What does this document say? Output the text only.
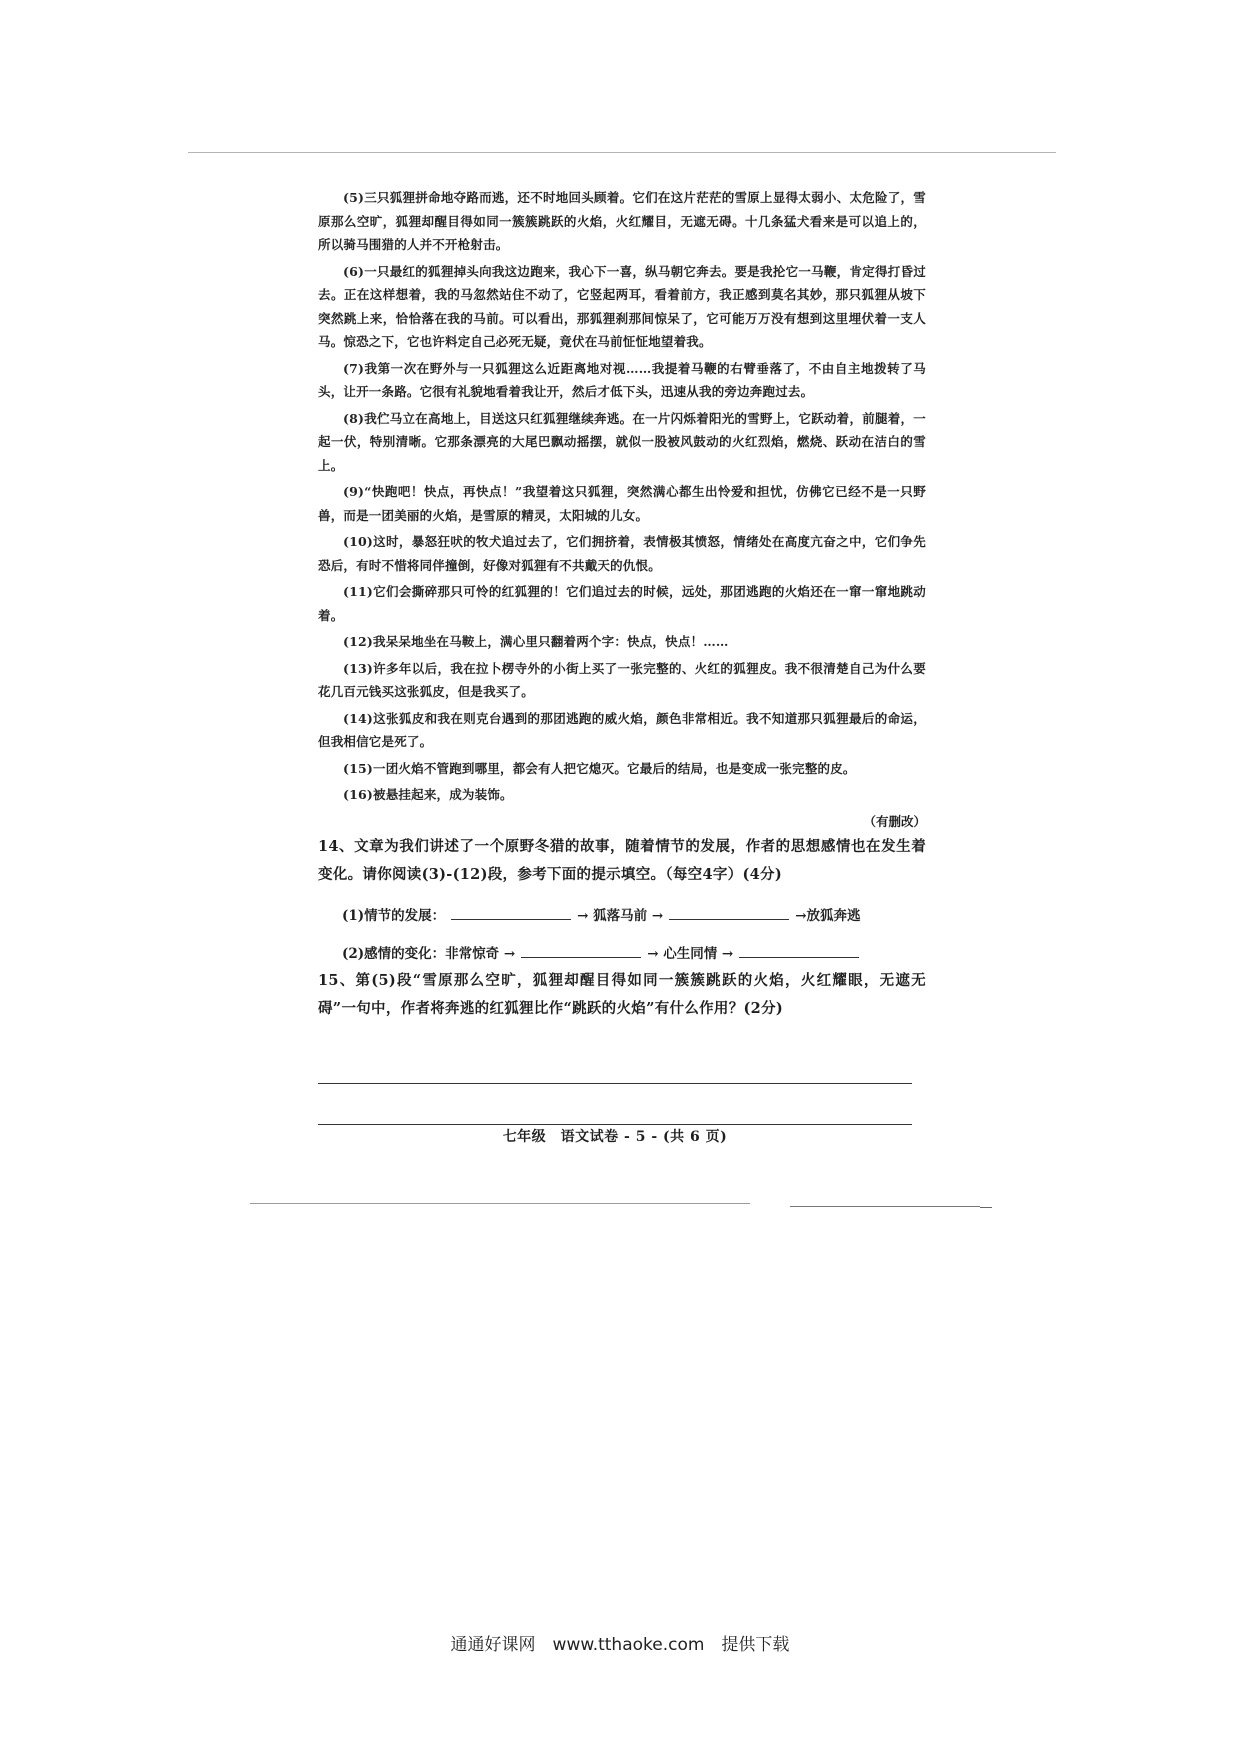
(5)三只狐狸拼命地夺路而逃，还不时地回头顾着。它们在这片茫茫的雪原上显得太弱小、太危险了，雪原那么空旷，狐狸却醒目得如同一簇簇跳跃的火焰，火红耀目，无遮无碍。十几条猛犬看来是可以追上的，所以骑马围猎的人并不开枪射击。

(6)一只最红的狐狸掉头向我这边跑来，我心下一喜，纵马朝它奔去。要是我抡它一马鞭，肯定得打昏过去。正在这样想着，我的马忽然站住不动了，它竖起两耳，看着前方，我正感到莫名其妙，那只狐狸从坡下突然跳上来，恰恰落在我的马前。可以看出，那狐狸刹那间惊呆了，它可能万万没有想到这里埋伏着一支人马。惊恐之下，它也许料定自己必死无疑，竟伏在马前怔怔地望着我。

(7)我第一次在野外与一只狐狸这么近距离地对视……我提着马鞭的右臂垂落了，不由自主地拨转了马头，让开一条路。它很有礼貌地看着我让开，然后才低下头，迅速从我的旁边奔跑过去。

(8)我伫马立在高地上，目送这只红狐狸继续奔逃。在一片闪烁着阳光的雪野上，它跃动着，前腿着，一起一伏，特别清晰。它那条漂亮的大尾巴飘动摇摆，就似一股被风鼓动的火红烈焰，燃烧、跃动在洁白的雪上。

(9)“快跑吧！快点，再快点！”我望着这只狐狸，突然满心都生出怜爱和担忧，仿佛它已经不是一只野兽，而是一团美丽的火焰，是雪原的精灵，太阳城的儿女。

(10)这时，暴怒狂吠的牧犬追过去了，它们拥挤着，表情极其愤怒，情绪处在高度亢奋之中，它们争先恐后，有时不惜将同伴撞倒，好像对狐狸有不共戴天的仇恨。

(11)它们会撕碎那只可怜的红狐狸的！它们追过去的时候，远处，那团逃跑的火焰还在一窜一窜地跳动着。

(12)我呆呆地坐在马鞍上，满心里只翻着两个字：快点，快点！……

(13)许多年以后，我在拉卜楞寺外的小街上买了一张完整的、火红的狐狸皮。我不很清楚自己为什么要花几百元钱买这张狐皮，但是我买了。

(14)这张狐皮和我在则克台遇到的那团逃跑的威火焰，颜色非常相近。我不知道那只狐狸最后的命运，但我相信它是死了。

(15)一团火焰不管跑到哪里，都会有人把它熄灭。它最后的结局，也是变成一张完整的皮。

(16)被悬挂起来，成为装饰。

（有删改）

14、文章为我们讲述了一个原野冬猎的故事，随着情节的发展，作者的思想感情也在发生着变化。请你阅读(3)-(12)段，参考下面的提示填空。（每空4字）(4分)

(1)情节的发展：	→ 狐落马前 →	→放狐奔逃

(2)感情的变化：非常惊奇 →	→ 心生同情 →

15、第(5)段“雪原那么空旷，狐狸却醒目得如同一簇簇跳跃的火焰，火红耀眼，无遮无碍”一句中，作者将奔逃的红狐狸比作“跳跃的火焰”有什么作用？(2分)

七年级　语文试卷 - 5 - (共 6 页)
通通好课网　www.tthaoke.com　提供下载
